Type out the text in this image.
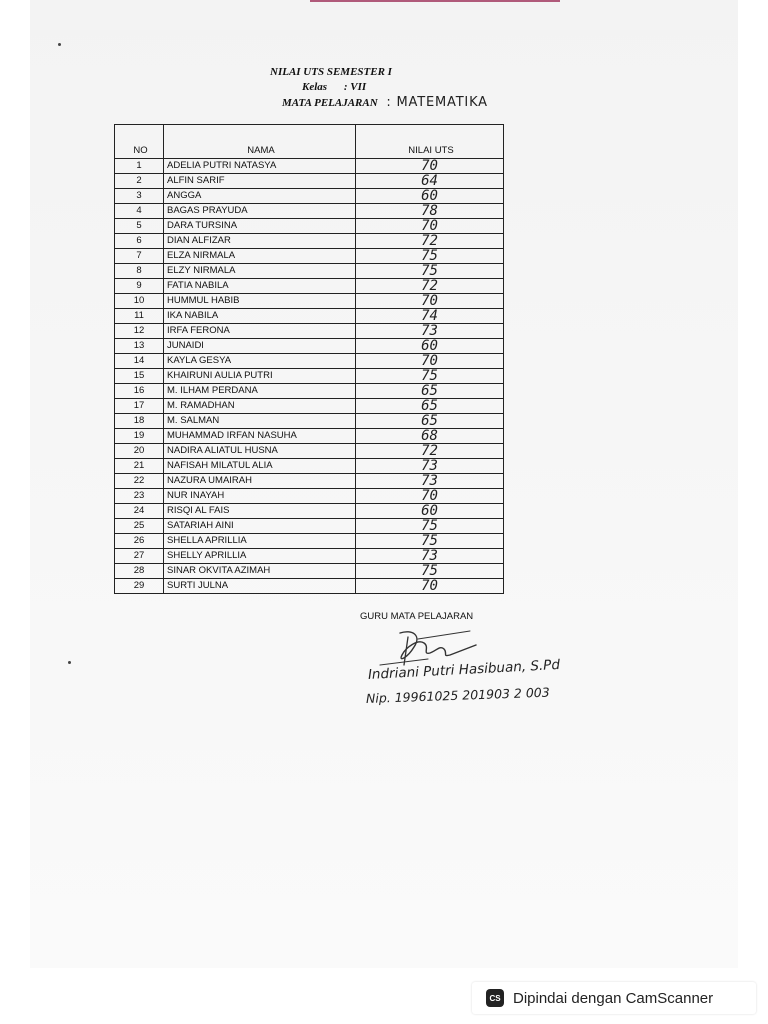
NILAI UTS SEMESTER I
Kelas : VII
MATA PELAJARAN : MATEMATIKA
NO	NAMA	NILAI UTS
1	ADELIA PUTRI NATASYA	70
2	ALFIN SARIF	64
3	ANGGA	60
4	BAGAS PRAYUDA	78
5	DARA TURSINA	70
6	DIAN ALFIZAR	72
7	ELZA NIRMALA	75
8	ELZY NIRMALA	75
9	FATIA NABILA	72
10	HUMMUL HABIB	70
11	IKA NABILA	74
12	IRFA FERONA	73
13	JUNAIDI	60
14	KAYLA GESYA	70
15	KHAIRUNI AULIA PUTRI	75
16	M. ILHAM PERDANA	65
17	M. RAMADHAN	65
18	M. SALMAN	65
19	MUHAMMAD IRFAN NASUHA	68
20	NADIRA ALIATUL HUSNA	72
21	NAFISAH MILATUL ALIA	73
22	NAZURA UMAIRAH	73
23	NUR INAYAH	70
24	RISQI AL FAIS	60
25	SATARIAH AINI	75
26	SHELLA APRILLIA	75
27	SHELLY APRILLIA	73
28	SINAR OKVITA AZIMAH	75
29	SURTI JULNA	70
GURU MATA PELAJARAN
Indriani Putri Hasibuan, S.Pd
Nip. 19961025 201903 2 003
CS Dipindai dengan CamScanner
